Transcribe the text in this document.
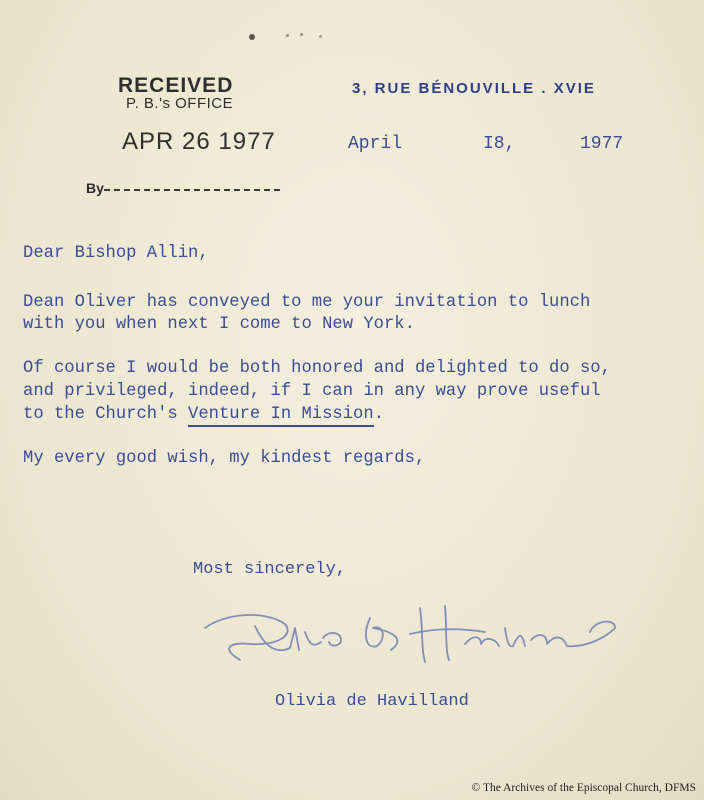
RECEIVED
P. B.'s OFFICE
APR 26 1977
By
3, RUE BÉNOUVILLE . XVIE
April	I8,	1977
Dear Bishop Allin,
Dean Oliver has conveyed to me your invitation to lunch
with you when next I come to New York.
Of course I would be both honored and delighted to do so,
and privileged, indeed, if I can in any way prove useful
to the Church's Venture In Mission.
My every good wish, my kindest regards,
Most sincerely,
Olivia de Havilland
© The Archives of the Episcopal Church, DFMS
